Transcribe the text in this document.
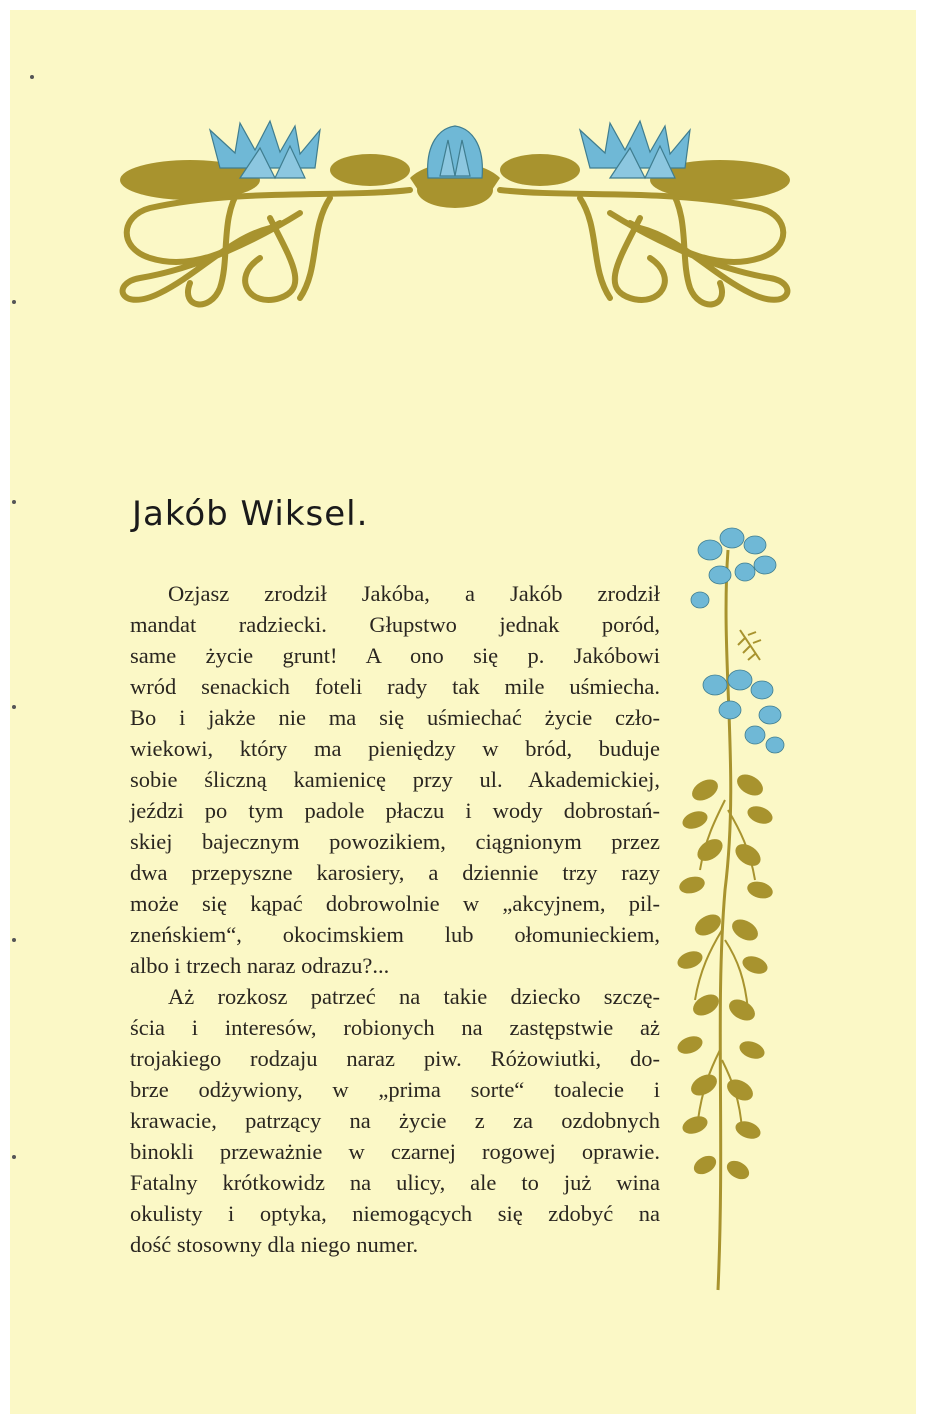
Jakób Wiksel.
Ozjasz zrodził Jakóba, a Jakób zrodził
mandat radziecki. Głupstwo jednak poród,
same życie grunt! A ono się p. Jakóbowi
wród senackich foteli rady tak mile uśmiecha.
Bo i jakże nie ma się uśmiechać życie czło-
wiekowi, który ma pieniędzy w bród, buduje
sobie śliczną kamienicę przy ul. Akademickiej,
jeździ po tym padole płaczu i wody dobrostań-
skiej bajecznym powozikiem, ciągnionym przez
dwa przepyszne karosiery, a dziennie trzy razy
może się kąpać dobrowolnie w „akcyjnem, pil-
zneńskiem“, okocimskiem lub ołomunieckiem,
albo i trzech naraz odrazu?...
Aż rozkosz patrzeć na takie dziecko szczę-
ścia i interesów, robionych na zastępstwie aż
trojakiego rodzaju naraz piw. Różowiutki, do-
brze odżywiony, w „prima sorte“ toalecie i
krawacie, patrzący na życie z za ozdobnych
binokli przeważnie w czarnej rogowej oprawie.
Fatalny krótkowidz na ulicy, ale to już wina
okulisty i optyka, niemogących się zdobyć na
dość stosowny dla niego numer.
